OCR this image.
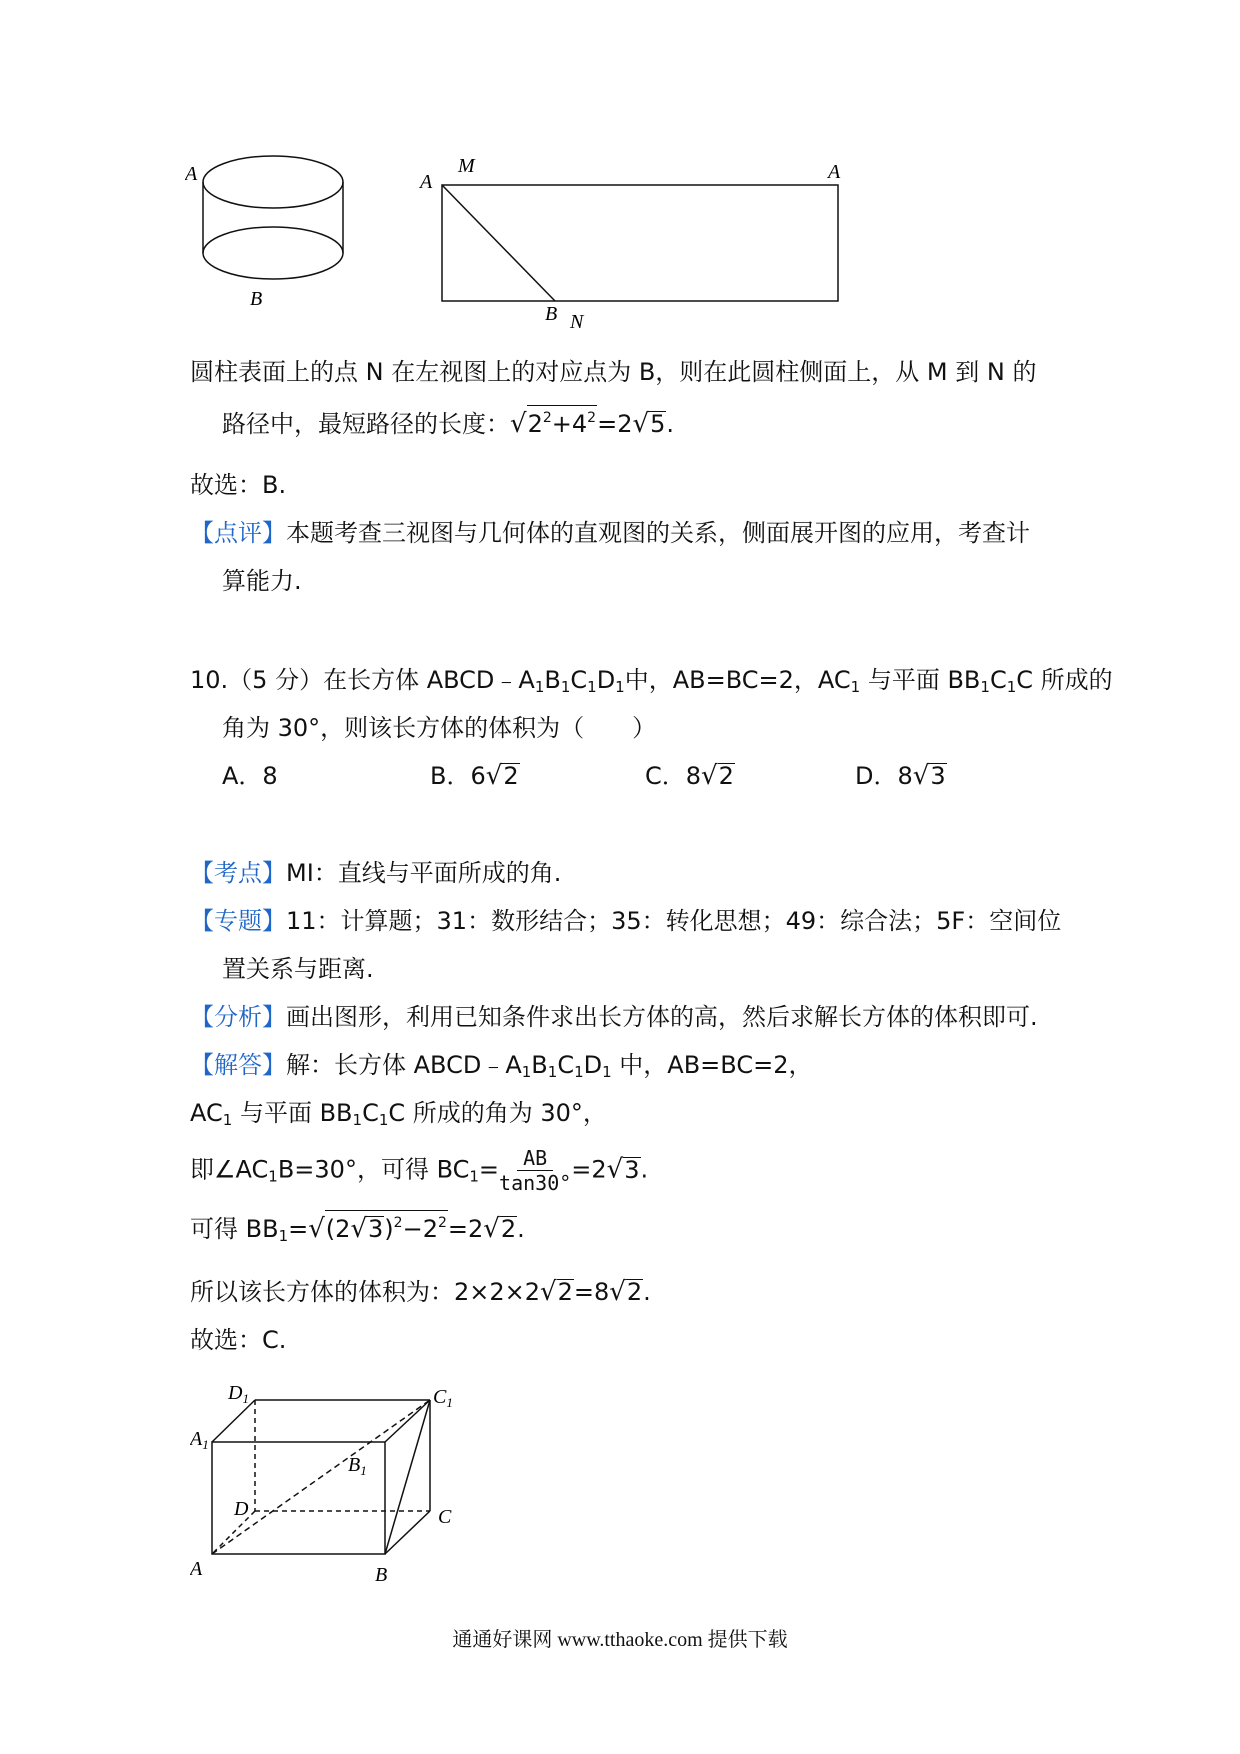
A
B
A
M	A
B N
圆柱表面上的点 N 在左视图上的对应点为 B，则在此圆柱侧面上，从 M 到 N 的
路径中，最短路径的长度：$√2^2+4^2=2√5$.
故选：B.
【点评】本题考查三视图与几何体的直观图的关系，侧面展开图的应用，考查计
算能力.
10.（5 分）在长方体 $ABCD﹣A_1B_1C_1D_1$中，AB=BC=2，$AC_1$ 与平面 $BB_1C_1C$ 所成的
角为 30°，则该长方体的体积为（　　）
A．8	B．6√2	C．8√2	D．8√3
【考点】MI：直线与平面所成的角.
【专题】11：计算题；31：数形结合；35：转化思想；49：综合法；5F：空间位
置关系与距离.
【分析】画出图形，利用已知条件求出长方体的高，然后求解长方体的体积即可.
【解答】解：长方体 $ABCD﹣A_1B_1C_1D_1$ 中，AB=BC=2，
$AC_1$ 与平面 $BB_1C_1C$ 所成的角为 30°，
即$\angle AC_1B=30^\circ$，可得 $BC_1= \frac{AB}{\tan 30^\circ} =2√3$.
可得 $BB_1=√(2√3)^2-2^2=2√2$.
所以该长方体的体积为：2×2×2√2=8√2.
故选：C.
$D_1$	$C_1$
$A_1$
$B_1$
D	C
A	B
通通好课网 www.tthaoke.com 提供下载
